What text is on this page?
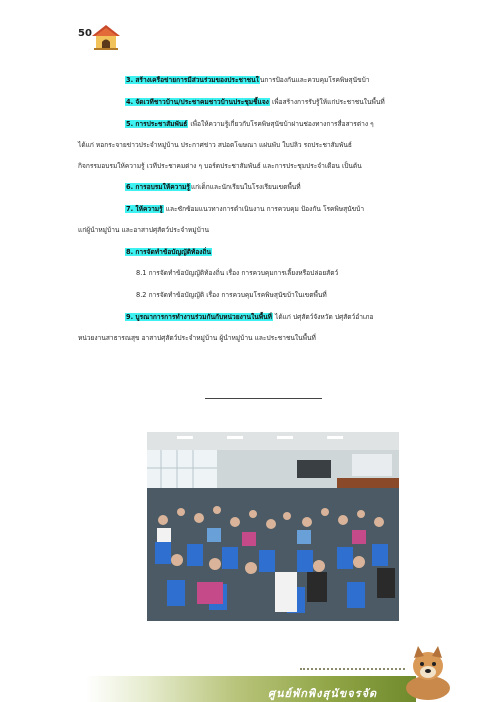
50
3. สร้างเครือข่ายการมีส่วนร่วมของประชาชนในการป้องกันและควบคุมโรคพิษสุนัขบ้า
4. จัดเวทีชาวบ้าน/ประชาคมชาวบ้านประชุมชี้แจง เพื่อสร้างการรับรู้ให้แก่ประชาชนในพื้นที่
5. การประชาสัมพันธ์ เพื่อให้ความรู้เกี่ยวกับโรคพิษสุนัขบ้าผ่านช่องทางการสื่อสารต่าง ๆ
ได้แก่ หอกระจายข่าวประจำหมู่บ้าน ประกาศข่าว สปอตโฆษณา แผ่นพับ ใบปลิว รถประชาสัมพันธ์
กิจกรรมอบรมให้ความรู้ เวทีประชาคมต่าง ๆ บอร์ดประชาสัมพันธ์ และการประชุมประจำเดือน เป็นต้น
6. การอบรมให้ความรู้แก่เด็กและนักเรียนในโรงเรียนเขตพื้นที่
7. ให้ความรู้ และซักซ้อมแนวทางการดำเนินงาน การควบคุม ป้องกัน โรคพิษสุนัขบ้า
แก่ผู้นำหมู่บ้าน และอาสาปศุสัตว์ประจำหมู่บ้าน
8. การจัดทำข้อบัญญัติท้องถิ่น
8.1 การจัดทำข้อบัญญัติท้องถิ่น เรื่อง การควบคุมการเลี้ยงหรือปล่อยสัตว์
8.2 การจัดทำข้อบัญญัติ เรื่อง การควบคุมโรคพิษสุนัขบ้าในเขตพื้นที่
9. บูรณาการการทำงานร่วมกันกับหน่วยงานในพื้นที่ ได้แก่ ปศุสัตว์จังหวัด ปศุสัตว์อำเภอ
หน่วยงานสาธารณสุข อาสาปศุสัตว์ประจำหมู่บ้าน ผู้นำหมู่บ้าน และประชาชนในพื้นที่
ศูนย์พักพิงสุนัขจรจัด
